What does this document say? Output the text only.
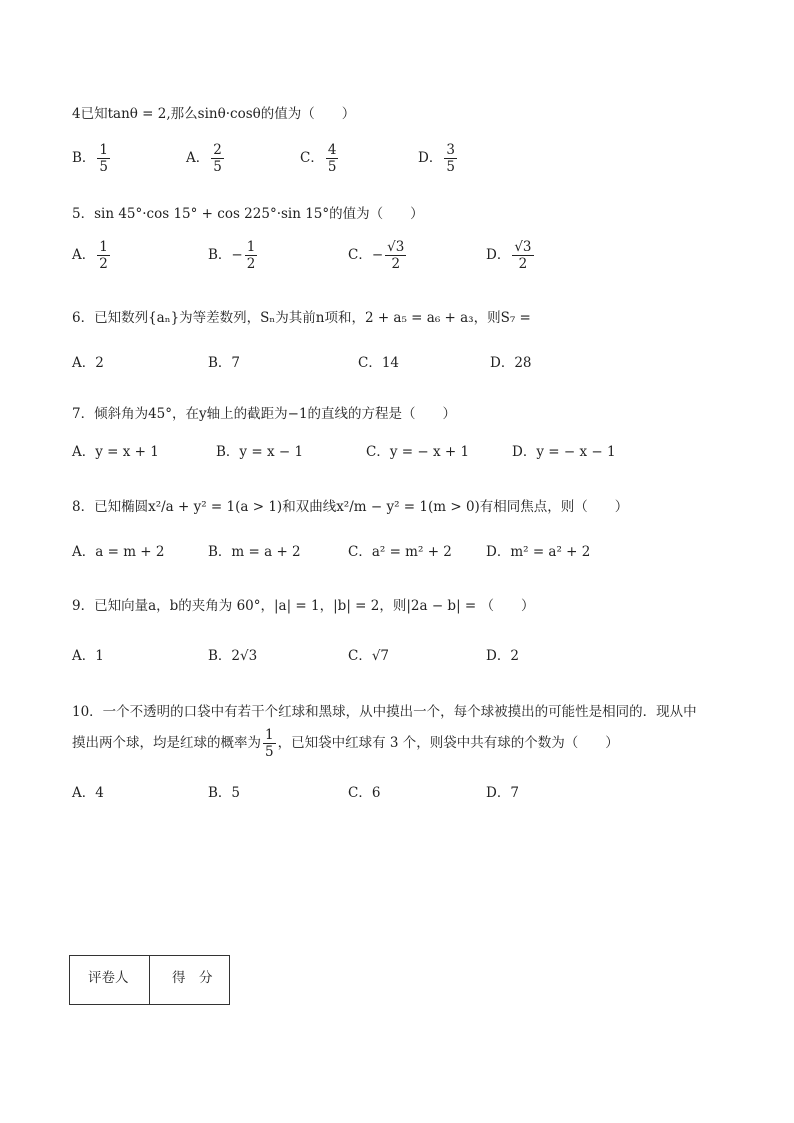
4已知tanθ = 2,那么sinθ·cosθ的值为（　　）
B． $\frac{1}{5}$	A． $\frac{2}{5}$	C． $\frac{4}{5}$	D． $\frac{3}{5}$
5．sin 45°·cos 15° + cos 225°·sin 15°的值为（　　）
A． $\frac{1}{2}$	B．− $\frac{1}{2}$	C．− $\frac{√3}{2}$	D． $\frac{√3}{2}$
6．已知数列{aₙ}为等差数列，Sₙ为其前n项和，2 + a₅ = a₆ + a₃，则S₇ =
A．2	B．7	C．14	D．28
7．倾斜角为45°，在y轴上的截距为−1的直线的方程是（　　）
A．y = x + 1	B．y = x − 1	C．y = − x + 1	D．y = − x − 1
8．已知椭圆x²/a + y² = 1(a > 1)和双曲线x²/m − y² = 1(m > 0)有相同焦点，则（　　）
A．a = m + 2	B．m = a + 2	C．a² = m² + 2	D．m² = a² + 2
9．已知向量a，b的夹角为 60°，|a| = 1，|b| = 2，则|2a − b| = （　　）
A．1	B．2√3	C．√7	D．2
10．一个不透明的口袋中有若干个红球和黑球，从中摸出一个，每个球被摸出的可能性是相同的．现从中
摸出两个球，均是红球的概率为 $\frac{1}{5}$ ，已知袋中红球有 3 个，则袋中共有球的个数为（　　）
A．4	B．5	C．6	D．7
评卷人	得　分
